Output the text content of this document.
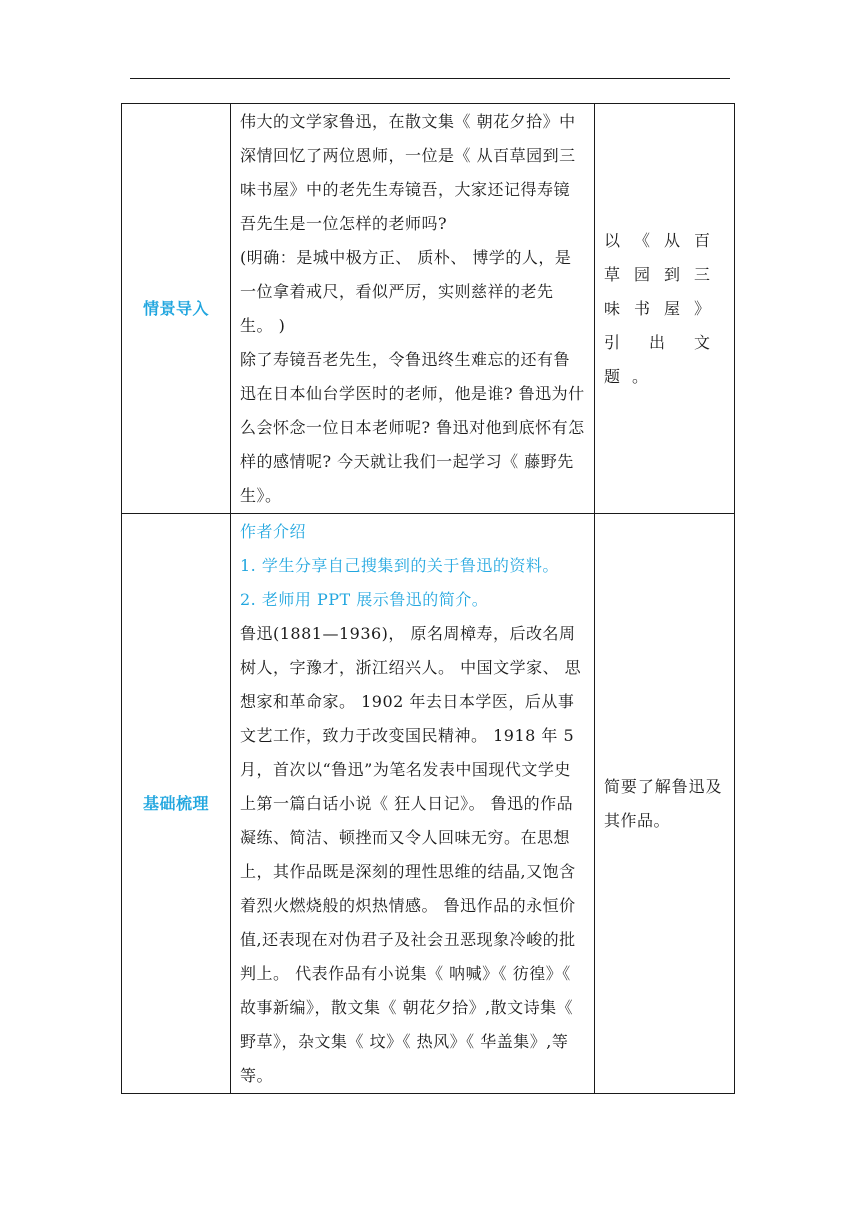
情景导入	伟大的文学家鲁迅，在散文集《 朝花夕拾》中深情回忆了两位恩师，一位是《 从百草园到三味书屋》中的老先生寿镜吾，大家还记得寿镜吾先生是一位怎样的老师吗?

(明确：是城中极方正、 质朴、 博学的人，是一位拿着戒尺，看似严厉，实则慈祥的老先生。 )

除了寿镜吾老先生，令鲁迅终生难忘的还有鲁迅在日本仙台学医时的老师，他是谁? 鲁迅为什么会怀念一位日本老师呢? 鲁迅对他到底怀有怎样的感情呢? 今天就让我们一起学习《 藤野先生》。	以《从百草园到三味书屋》引出文题。

基础梳理	作者介绍

1. 学生分享自己搜集到的关于鲁迅的资料。

2. 老师用 PPT 展示鲁迅的简介。

鲁迅(1881—1936)， 原名周樟寿，后改名周树人，字豫才，浙江绍兴人。 中国文学家、 思想家和革命家。 1902 年去日本学医，后从事文艺工作，致力于改变国民精神。 1918 年 5 月，首次以“鲁迅”为笔名发表中国现代文学史上第一篇白话小说《 狂人日记》。 鲁迅的作品凝练、简洁、顿挫而又令人回味无穷。在思想上，其作品既是深刻的理性思维的结晶,又饱含着烈火燃烧般的炽热情感。 鲁迅作品的永恒价值,还表现在对伪君子及社会丑恶现象冷峻的批判上。 代表作品有小说集《 呐喊》《 彷徨》《 故事新编》，散文集《 朝花夕拾》,散文诗集《 野草》，杂文集《 坟》《 热风》《 华盖集》,等等。	简要了解鲁迅及其作品。
